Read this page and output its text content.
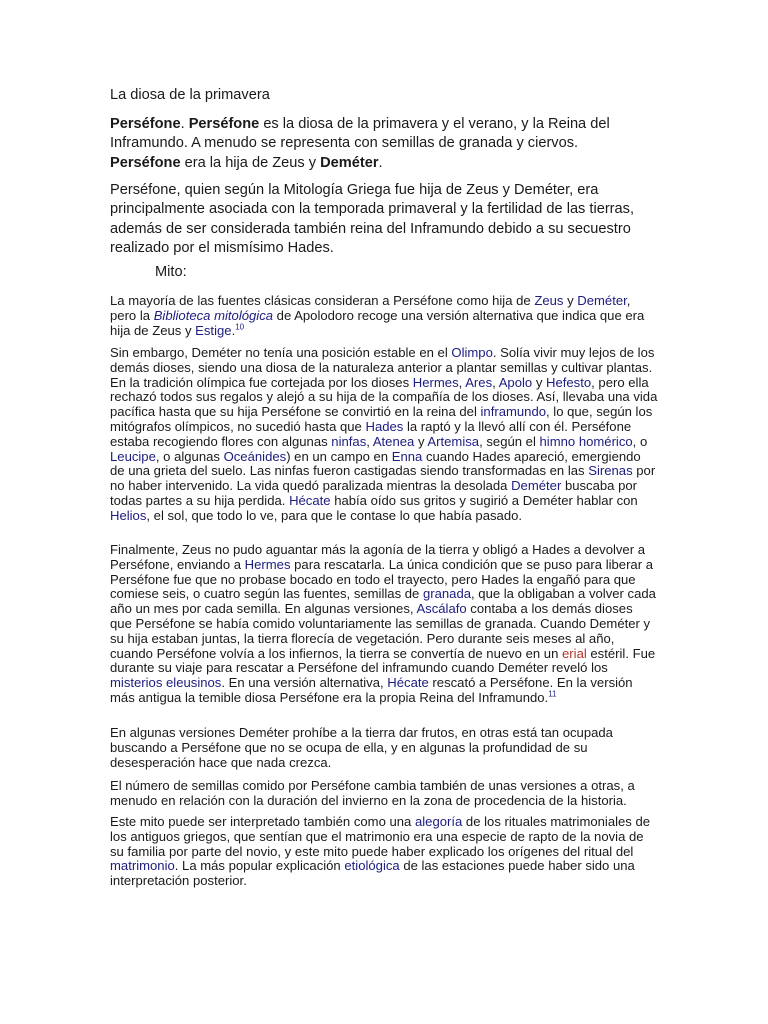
La diosa de la primavera

Perséfone. Perséfone es la diosa de la primavera y el verano, y la Reina del Inframundo. A menudo se representa con semillas de granada y ciervos. Perséfone era la hija de Zeus y Deméter.

Perséfone, quien según la Mitología Griega fue hija de Zeus y Deméter, era principalmente asociada con la temporada primaveral y la fertilidad de las tierras, además de ser considerada también reina del Inframundo debido a su secuestro realizado por el mismísimo Hades.

Mito:

La mayoría de las fuentes clásicas consideran a Perséfone como hija de Zeus y Deméter, pero la Biblioteca mitológica de Apolodoro recoge una versión alternativa que indica que era hija de Zeus y Estige.$^{10}$

Sin embargo, Deméter no tenía una posición estable en el Olimpo. Solía vivir muy lejos de los demás dioses, siendo una diosa de la naturaleza anterior a plantar semillas y cultivar plantas. En la tradición olímpica fue cortejada por los dioses Hermes, Ares, Apolo y Hefesto, pero ella rechazó todos sus regalos y alejó a su hija de la compañía de los dioses. Así, llevaba una vida pacífica hasta que su hija Perséfone se convirtió en la reina del inframundo, lo que, según los mitógrafos olímpicos, no sucedió hasta que Hades la raptó y la llevó allí con él. Perséfone estaba recogiendo flores con algunas ninfas, Atenea y Artemisa, según el himno homérico, o Leucipe, o algunas Oceánides) en un campo en Enna cuando Hades apareció, emergiendo de una grieta del suelo. Las ninfas fueron castigadas siendo transformadas en las Sirenas por no haber intervenido. La vida quedó paralizada mientras la desolada Deméter buscaba por todas partes a su hija perdida. Hécate había oído sus gritos y sugirió a Deméter hablar con Helios, el sol, que todo lo ve, para que le contase lo que había pasado.

Finalmente, Zeus no pudo aguantar más la agonía de la tierra y obligó a Hades a devolver a Perséfone, enviando a Hermes para rescatarla. La única condición que se puso para liberar a Perséfone fue que no probase bocado en todo el trayecto, pero Hades la engañó para que comiese seis, o cuatro según las fuentes, semillas de granada, que la obligaban a volver cada año un mes por cada semilla. En algunas versiones, Ascálafo contaba a los demás dioses que Perséfone se había comido voluntariamente las semillas de granada. Cuando Deméter y su hija estaban juntas, la tierra florecía de vegetación. Pero durante seis meses al año, cuando Perséfone volvía a los infiernos, la tierra se convertía de nuevo en un erial estéril. Fue durante su viaje para rescatar a Perséfone del inframundo cuando Deméter reveló los misterios eleusinos. En una versión alternativa, Hécate rescató a Perséfone. En la versión más antigua la temible diosa Perséfone era la propia Reina del Inframundo.$^{11}$

En algunas versiones Deméter prohíbe a la tierra dar frutos, en otras está tan ocupada buscando a Perséfone que no se ocupa de ella, y en algunas la profundidad de su desesperación hace que nada crezca.

El número de semillas comido por Perséfone cambia también de unas versiones a otras, a menudo en relación con la duración del invierno en la zona de procedencia de la historia.

Este mito puede ser interpretado también como una alegoría de los rituales matrimoniales de los antiguos griegos, que sentían que el matrimonio era una especie de rapto de la novia de su familia por parte del novio, y este mito puede haber explicado los orígenes del ritual del matrimonio. La más popular explicación etiológica de las estaciones puede haber sido una interpretación posterior.
